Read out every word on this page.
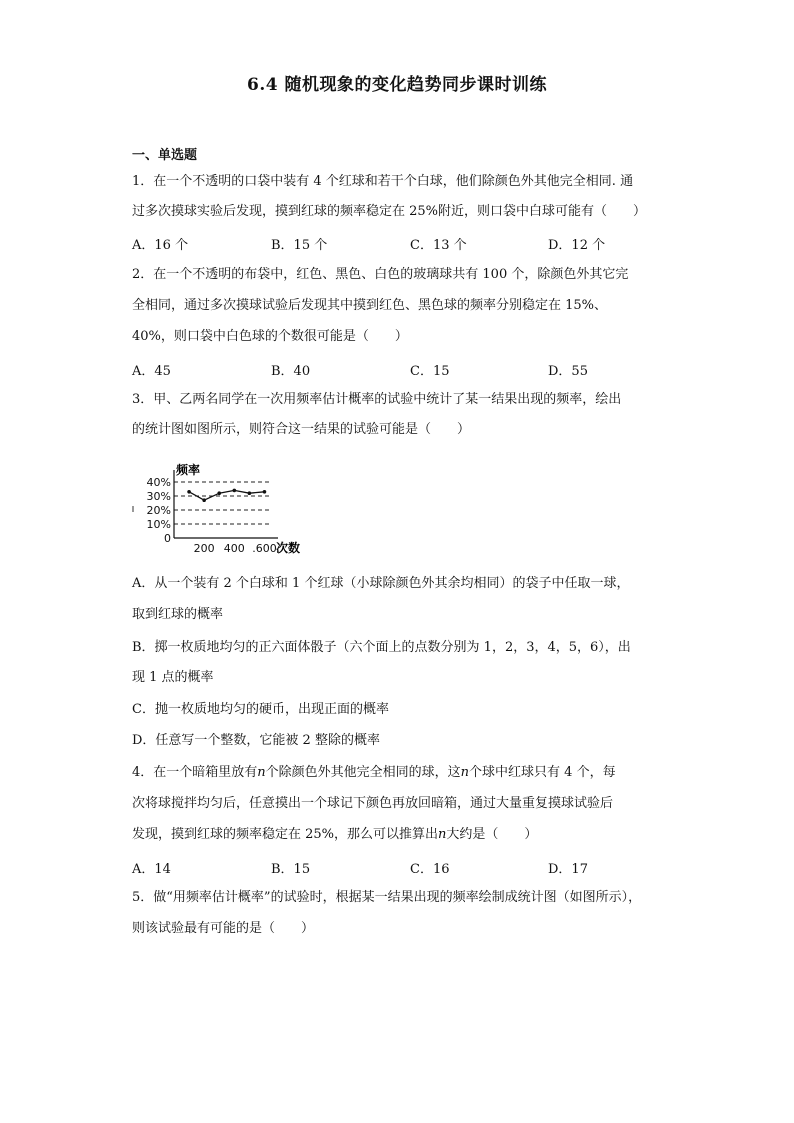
6.4 随机现象的变化趋势同步课时训练
一、单选题
1．在一个不透明的口袋中装有 4 个红球和若干个白球，他们除颜色外其他完全相同. 通
过多次摸球实验后发现，摸到红球的频率稳定在 25%附近，则口袋中白球可能有（　　）
A．16 个	B．15 个	C．13 个	D．12 个
2．在一个不透明的布袋中，红色、黑色、白色的玻璃球共有 100 个，除颜色外其它完
全相同，通过多次摸球试验后发现其中摸到红色、黑色球的频率分别稳定在 15%、
40%，则口袋中白色球的个数很可能是（　　）
A．45	B．40	C．15	D．55
3．甲、乙两名同学在一次用频率估计概率的试验中统计了某一结果出现的频率，绘出
的统计图如图所示，则符合这一结果的试验可能是（　　）
40%
30%
20%
10%
0
200 400 .600
频率
次数
A．从一个装有 2 个白球和 1 个红球（小球除颜色外其余均相同）的袋子中任取一球，
取到红球的概率
B．掷一枚质地均匀的正六面体骰子（六个面上的点数分别为 1，2，3，4，5，6），出
现 1 点的概率
C．抛一枚质地均匀的硬币，出现正面的概率
D．任意写一个整数，它能被 2 整除的概率
4．在一个暗箱里放有n个除颜色外其他完全相同的球，这n个球中红球只有 4 个，每
次将球搅拌均匀后，任意摸出一个球记下颜色再放回暗箱，通过大量重复摸球试验后
发现，摸到红球的频率稳定在 25%，那么可以推算出n大约是（　　）
A．14	B．15	C．16	D．17
5．做“用频率估计概率”的试验时，根据某一结果出现的频率绘制成统计图（如图所示），
则该试验最有可能的是（　　）
